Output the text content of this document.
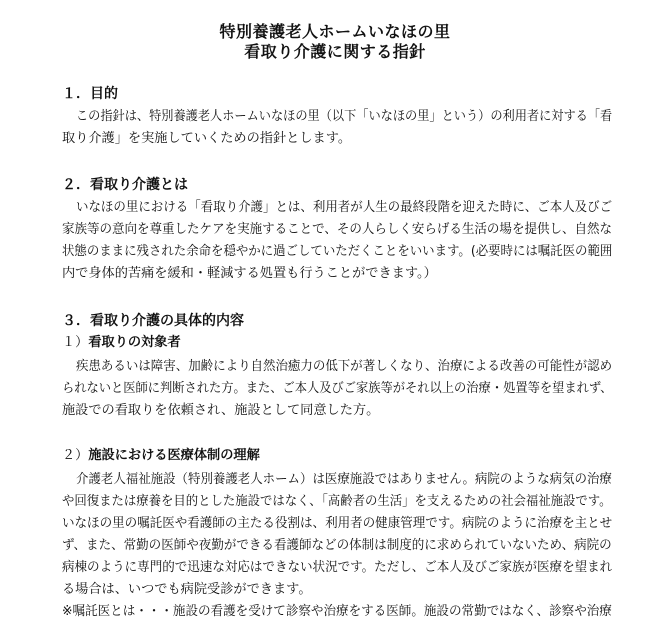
特別養護老人ホームいなほの里
看取り介護に関する指針
１．目的
この指針は、特別養護老人ホームいなほの里（以下「いなほの里」という）の利用者に対する「看
取り介護」を実施していくための指針とします。
２．看取り介護とは
いなほの里における「看取り介護」とは、利用者が人生の最終段階を迎えた時に、ご本人及びご
家族等の意向を尊重したケアを実施することで、その人らしく安らげる生活の場を提供し、自然な
状態のままに残された余命を穏やかに過ごしていただくことをいいます。(必要時には嘱託医の範囲
内で身体的苦痛を緩和・軽減する処置も行うことができます。）
３．看取り介護の具体的内容
１）看取りの対象者
疾患あるいは障害、加齢により自然治癒力の低下が著しくなり、治療による改善の可能性が認め
られないと医師に判断された方。また、ご本人及びご家族等がそれ以上の治療・処置等を望まれず、
施設での看取りを依頼され、施設として同意した方。
２）施設における医療体制の理解
介護老人福祉施設（特別養護老人ホーム）は医療施設ではありません。病院のような病気の治療
や回復または療養を目的とした施設ではなく、「高齢者の生活」を支えるための社会福祉施設です。
いなほの里の嘱託医や看護師の主たる役割は、利用者の健康管理です。病院のように治療を主とせ
ず、また、常勤の医師や夜勤ができる看護師などの体制は制度的に求められていないため、病院の
病棟のように専門的で迅速な対応はできない状況です。ただし、ご本人及びご家族が医療を望まれ
る場合は、いつでも病院受診ができます。
※嘱託医とは・・・施設の看護を受けて診察や治療をする医師。施設の常勤ではなく、診察や治療
